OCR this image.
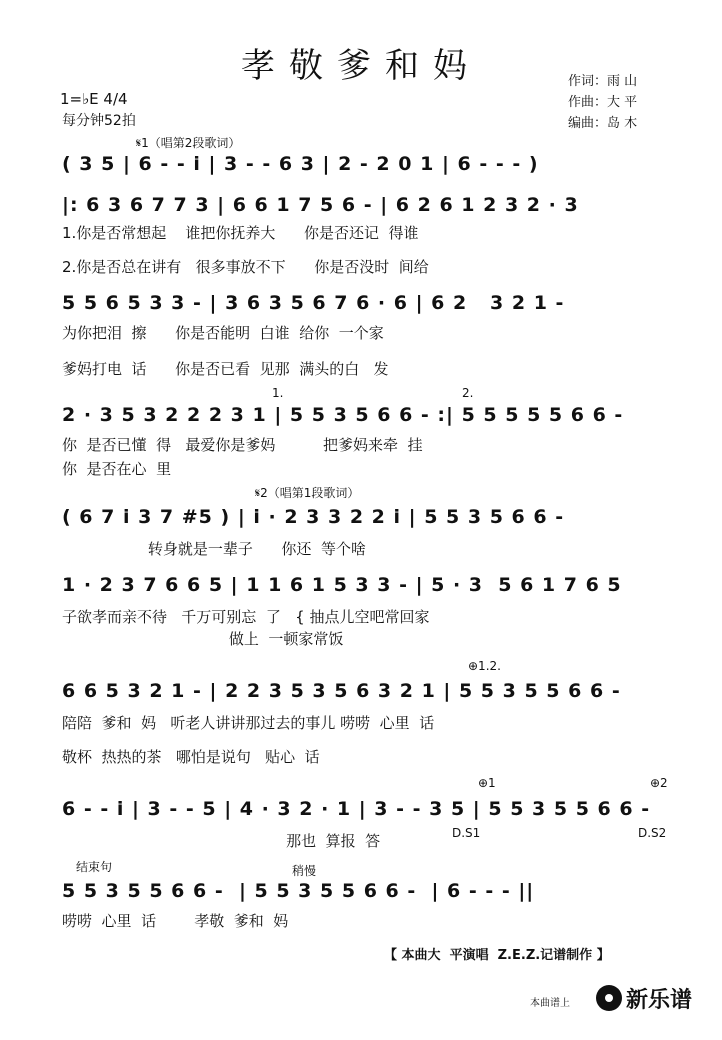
孝敬爹和妈
1=♭E 4/4
每分钟52拍
作词：雨 山
作曲：大 平
编曲：岛 木
𝄋1（唱第2段歌词）
( 3 5 | 6 - - i | 3 - - 6 3 | 2 - 2 0 1 | 6 - - - )
|: 6 3 6 7 7 3 | 6 6 1 7 5 6 - | 6 2 6 1 2 3 2 · 3
1.你是否常想起    谁把你抚养大      你是否还记  得谁
2.你是否总在讲有   很多事放不下      你是否没时  间给
5 5 6 5 3 3 - | 3 6 3 5 6 7 6 · 6 | 6 2   3 2 1 -
为你把泪  擦      你是否能明  白谁  给你  一个家
爹妈打电  话      你是否已看  见那  满头的白   发
1.	2.
2 · 3 5 3 2 2 2 3 1 | 5 5 3 5 6 6 - :| 5 5 5 5 5 6 6 -
你  是否已懂  得   最爱你是爹妈          把爹妈来牵  挂
你  是否在心  里
𝄋2（唱第1段歌词）
( 6 7 i 3 7 #5 ) | i · 2 3 3 2 2 i | 5 5 3 5 6 6 -
转身就是一辈子      你还  等个啥
1 · 2 3 7 6 6 5 | 1 1 6 1 5 3 3 - | 5 · 3  5 6 1 7 6 5
子欲孝而亲不待   千万可别忘  了   { 抽点儿空吧常回家
做上  一顿家常饭
⊕1.2.
6 6 5 3 2 1 - | 2 2 3 5 3 5 6 3 2 1 | 5 5 3 5 5 6 6 -
陪陪  爹和  妈   听老人讲讲那过去的事儿 唠唠  心里  话
敬杯  热热的茶   哪怕是说句   贴心  话
⊕1	⊕2
6 - - i | 3 - - 5 | 4 · 3 2 · 1 | 3 - - 3 5 | 5 5 3 5 5 6 6 -
D.S1
那也  算报  答	D.S2
结束句	稍慢
5 5 3 5 5 6 6 -  | 5 5 3 5 5 6 6 -  | 6 - - - ||
唠唠  心里  话        孝敬  爹和  妈
【 本曲大  平演唱  Z.E.Z.记谱制作 】
本曲谱上

	新乐谱
